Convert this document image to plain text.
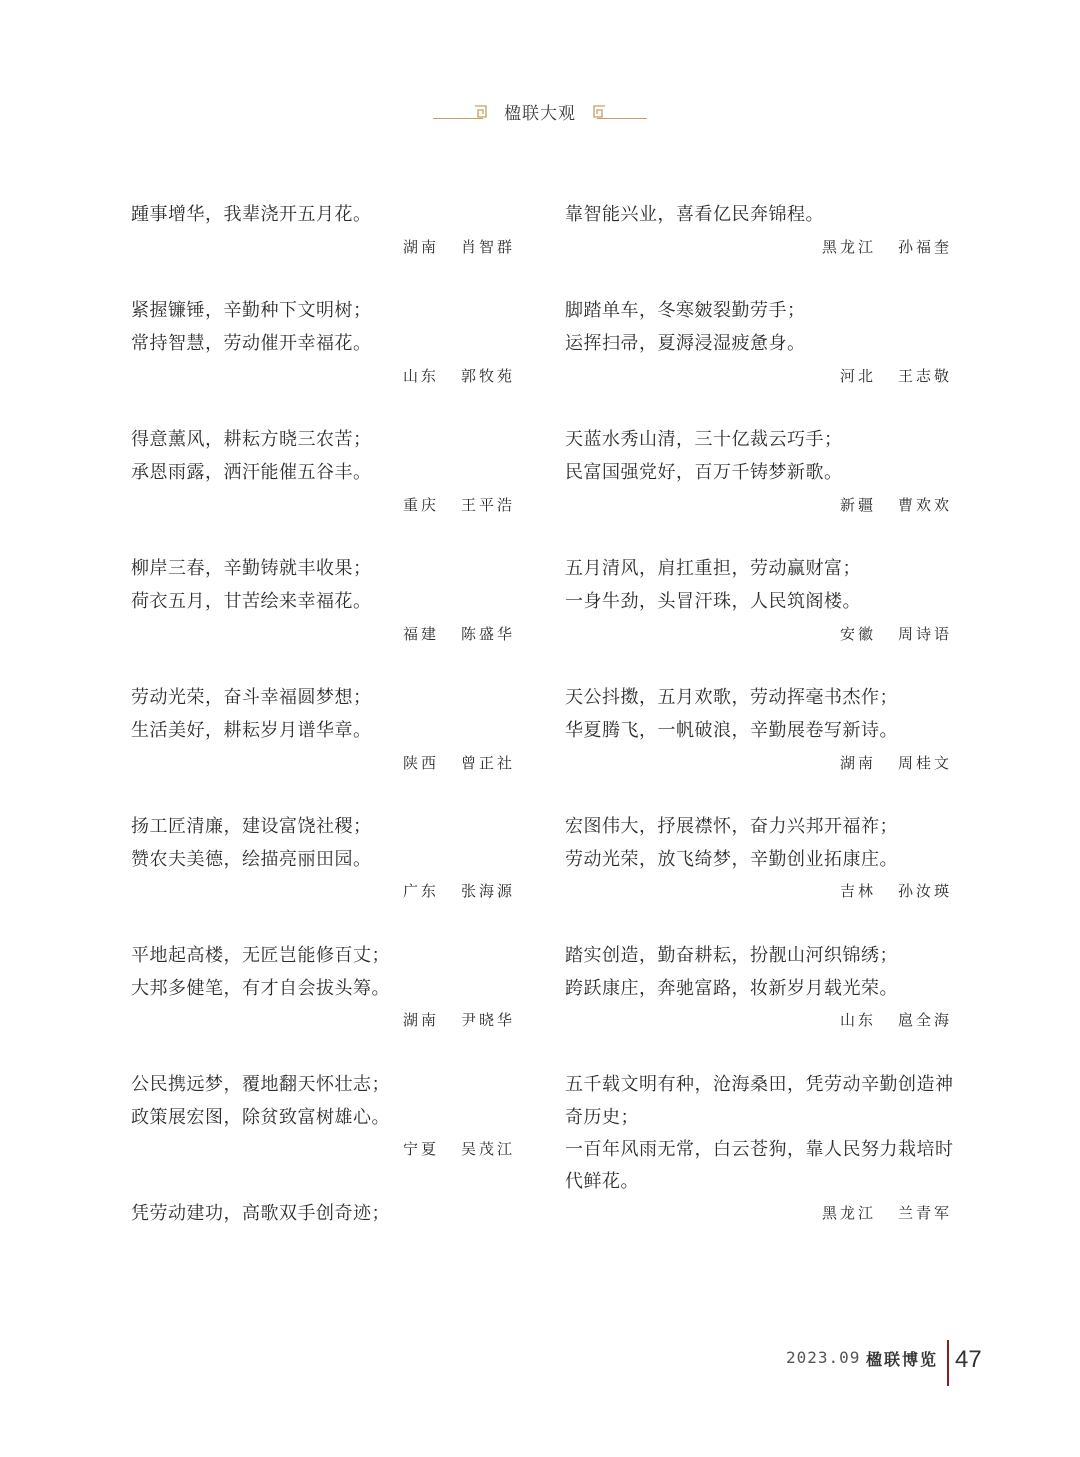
楹联大观
踵事增华，我辈浇开五月花。
湖南 肖智群
紧握镰锤，辛勤种下文明树；
常持智慧，劳动催开幸福花。
山东 郭牧苑
得意薰风，耕耘方晓三农苦；
承恩雨露，洒汗能催五谷丰。
重庆 王平浩
柳岸三春，辛勤铸就丰收果；
荷衣五月，甘苦绘来幸福花。
福建 陈盛华
劳动光荣，奋斗幸福圆梦想；
生活美好，耕耘岁月谱华章。
陕西 曾正社
扬工匠清廉，建设富饶社稷；
赞农夫美德，绘描亮丽田园。
广东 张海源
平地起高楼，无匠岂能修百丈；
大邦多健笔，有才自会拔头筹。
湖南 尹晓华
公民携远梦，覆地翻天怀壮志；
政策展宏图，除贫致富树雄心。
宁夏 吴茂江
凭劳动建功，高歌双手创奇迹；
靠智能兴业，喜看亿民奔锦程。
黑龙江 孙福奎
脚踏单车，冬寒皴裂勤劳手；
运挥扫帚，夏溽浸湿疲惫身。
河北 王志敬
天蓝水秀山清，三十亿裁云巧手；
民富国强党好，百万千铸梦新歌。
新疆 曹欢欢
五月清风，肩扛重担，劳动赢财富；
一身牛劲，头冒汗珠，人民筑阁楼。
安徽 周诗语
天公抖擞，五月欢歌，劳动挥毫书杰作；
华夏腾飞，一帆破浪，辛勤展卷写新诗。
湖南 周桂文
宏图伟大，抒展襟怀，奋力兴邦开福祚；
劳动光荣，放飞绮梦，辛勤创业拓康庄。
吉林 孙汝瑛
踏实创造，勤奋耕耘，扮靓山河织锦绣；
跨跃康庄，奔驰富路，妆新岁月载光荣。
山东 扈全海
五千载文明有种，沧海桑田，凭劳动辛勤创造神
奇历史；
一百年风雨无常，白云苍狗，靠人民努力栽培时
代鲜花。
黑龙江 兰青军
2023.09 楹联博览 47
